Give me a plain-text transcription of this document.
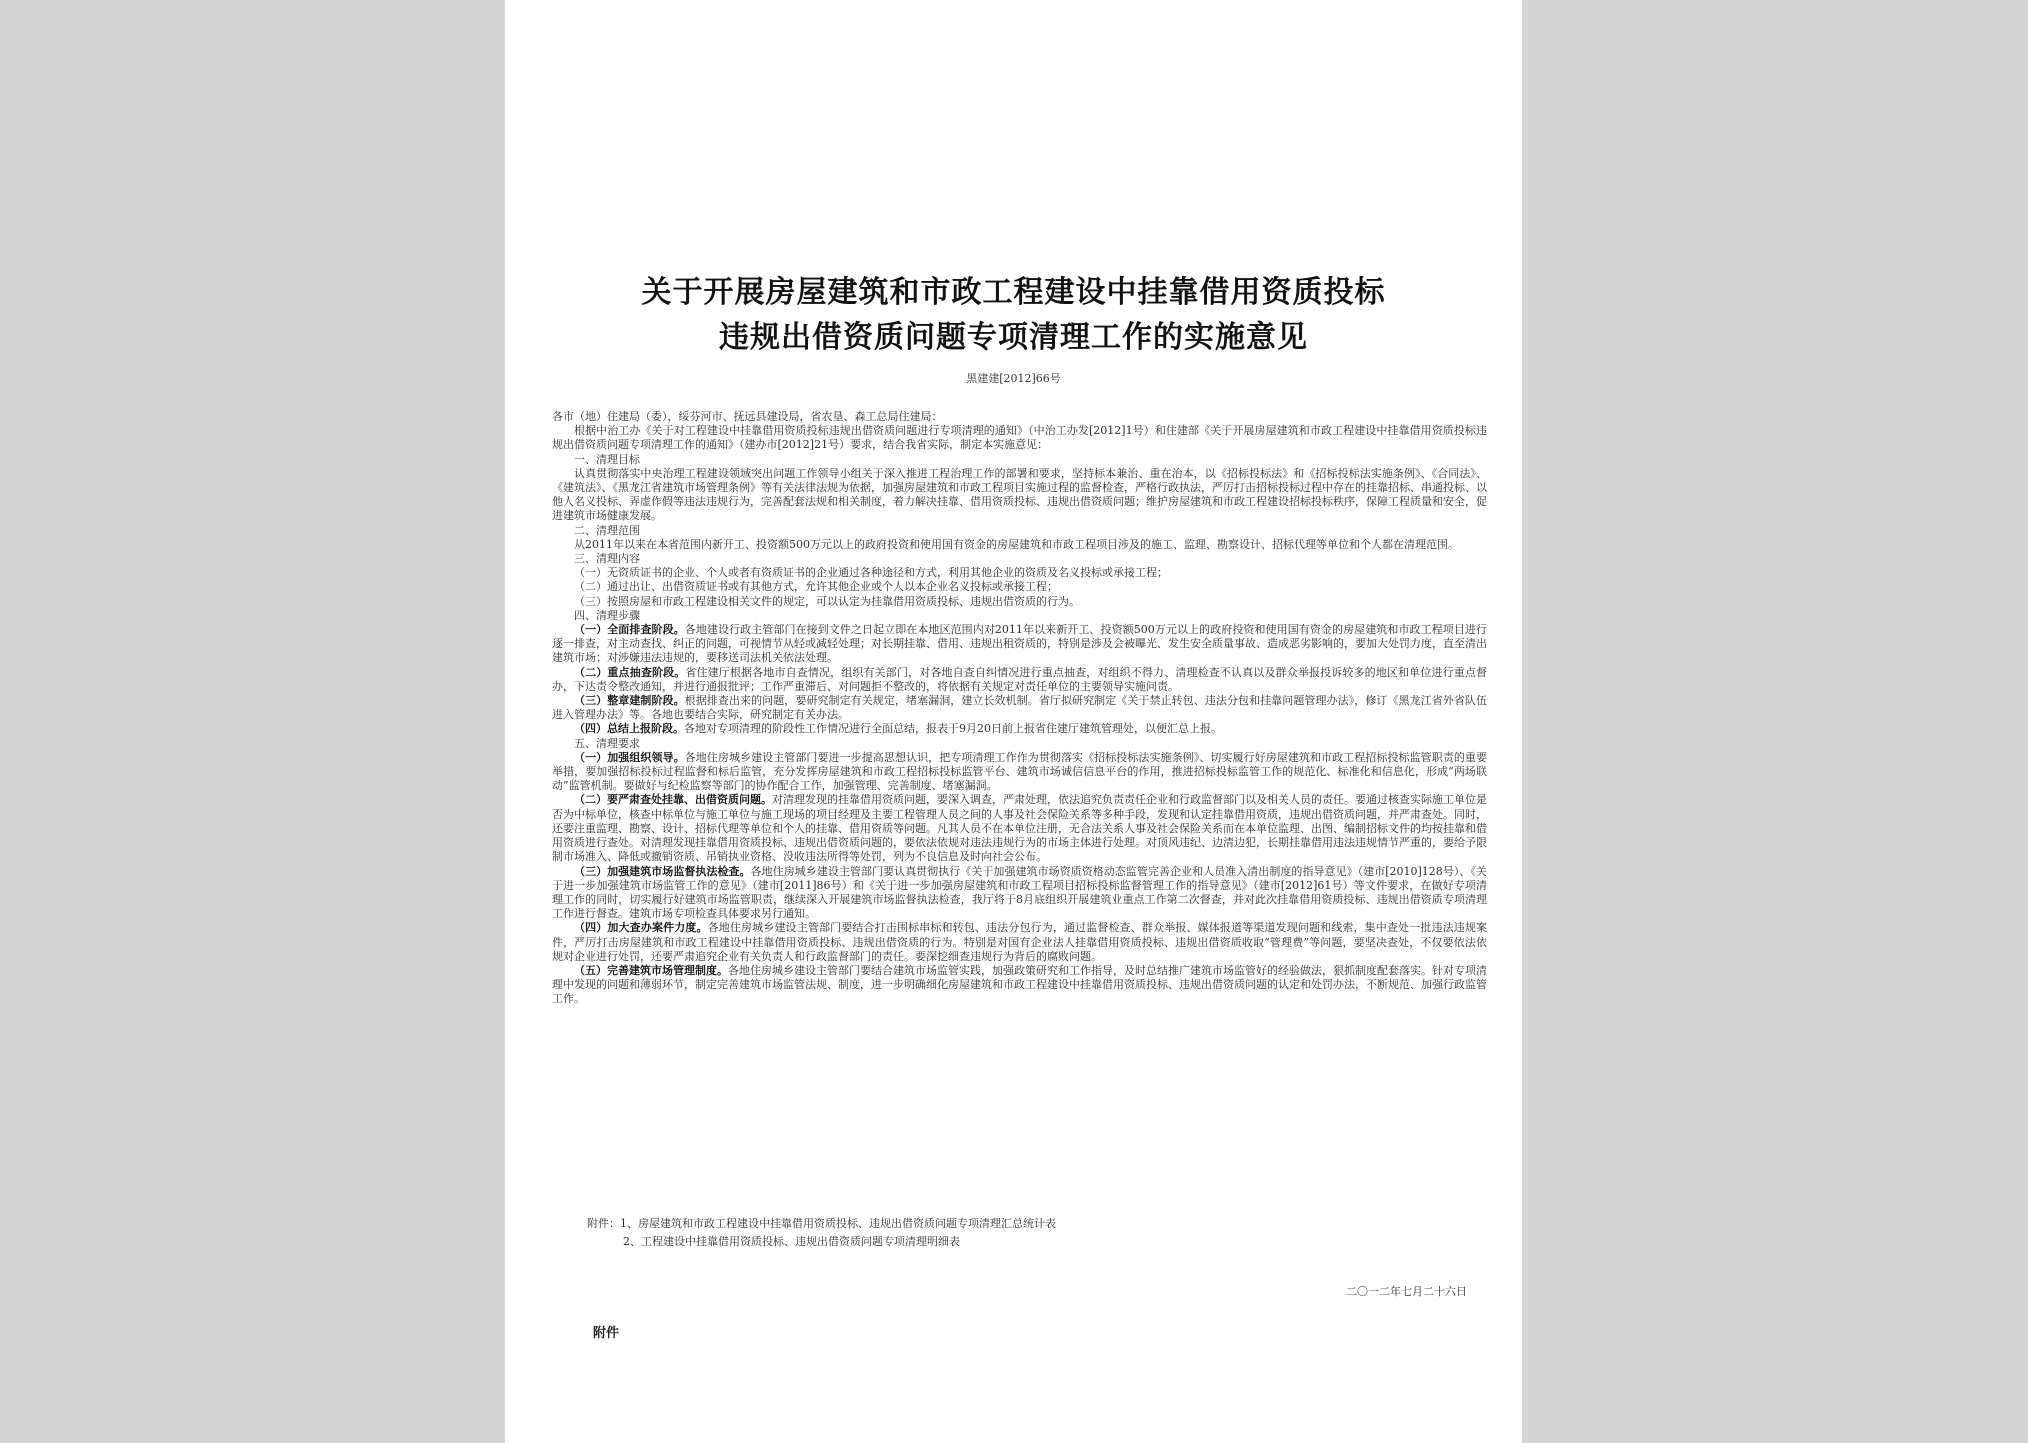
关于开展房屋建筑和市政工程建设中挂靠借用资质投标
违规出借资质问题专项清理工作的实施意见
黑建建[2012]66号

各市（地）住建局（委），绥芬河市、抚远县建设局，省农垦、森工总局住建局：

根据中治工办《关于对工程建设中挂靠借用资质投标违规出借资质问题进行专项清理的通知》（中治工办发[2012]1号）和住建部《关于开展房屋建筑和市政工程建设中挂靠借用资质投标违规出借资质问题专项清理工作的通知》（建办市[2012]21号）要求，结合我省实际，制定本实施意见：

一、清理目标

认真贯彻落实中央治理工程建设领域突出问题工作领导小组关于深入推进工程治理工作的部署和要求，坚持标本兼治、重在治本，以《招标投标法》和《招标投标法实施条例》、《合同法》、《建筑法》、《黑龙江省建筑市场管理条例》等有关法律法规为依据，加强房屋建筑和市政工程项目实施过程的监督检查，严格行政执法，严厉打击招标投标过程中存在的挂靠招标、串通投标、以他人名义投标、弄虚作假等违法违规行为，完善配套法规和相关制度，着力解决挂靠、借用资质投标、违规出借资质问题；维护房屋建筑和市政工程建设招标投标秩序，保障工程质量和安全，促进建筑市场健康发展。

二、清理范围

从2011年以来在本省范围内新开工、投资额500万元以上的政府投资和使用国有资金的房屋建筑和市政工程项目涉及的施工、监理、勘察设计、招标代理等单位和个人都在清理范围。

三、清理内容

（一）无资质证书的企业、个人或者有资质证书的企业通过各种途径和方式，利用其他企业的资质及名义投标或承接工程；

（二）通过出让、出借资质证书或有其他方式，允许其他企业或个人以本企业名义投标或承接工程；

（三）按照房屋和市政工程建设相关文件的规定，可以认定为挂靠借用资质投标、违规出借资质的行为。

四、清理步骤

（一）全面排查阶段。各地建设行政主管部门在接到文件之日起立即在本地区范围内对2011年以来新开工、投资额500万元以上的政府投资和使用国有资金的房屋建筑和市政工程项目进行逐一排查，对主动查找、纠正的问题，可视情节从轻或减轻处理；对长期挂靠、借用、违规出租资质的，特别是涉及会被曝光、发生安全质量事故、造成恶劣影响的，要加大处罚力度，直至清出建筑市场；对涉嫌违法违规的，要移送司法机关依法处理。

（二）重点抽查阶段。省住建厅根据各地市自查情况，组织有关部门，对各地自查自纠情况进行重点抽查，对组织不得力、清理检查不认真以及群众举报投诉较多的地区和单位进行重点督办，下达责令整改通知，并进行通报批评；工作严重滞后、对问题拒不整改的，将依据有关规定对责任单位的主要领导实施问责。

（三）整章建制阶段。根据排查出来的问题，要研究制定有关规定，堵塞漏洞，建立长效机制。省厅拟研究制定《关于禁止转包、违法分包和挂靠问题管理办法》，修订《黑龙江省外省队伍进入管理办法》等。各地也要结合实际，研究制定有关办法。

（四）总结上报阶段。各地对专项清理的阶段性工作情况进行全面总结，报表于9月20日前上报省住建厅建筑管理处，以便汇总上报。

五、清理要求

（一）加强组织领导。各地住房城乡建设主管部门要进一步提高思想认识，把专项清理工作作为贯彻落实《招标投标法实施条例》、切实履行好房屋建筑和市政工程招标投标监管职责的重要举措，要加强招标投标过程监督和标后监管，充分发挥房屋建筑和市政工程招标投标监管平台、建筑市场诚信信息平台的作用，推进招标投标监管工作的规范化、标准化和信息化，形成“两场联动”监管机制。要做好与纪检监察等部门的协作配合工作，加强管理、完善制度、堵塞漏洞。

（二）要严肃查处挂靠、出借资质问题。对清理发现的挂靠借用资质问题，要深入调查，严肃处理，依法追究负责责任企业和行政监督部门以及相关人员的责任。要通过核查实际施工单位是否为中标单位，核查中标单位与施工单位与施工现场的项目经理及主要工程管理人员之间的人事及社会保险关系等多种手段，发现和认定挂靠借用资质，违规出借资质问题，并严肃查处。同时，还要注重监理、勘察、设计、招标代理等单位和个人的挂靠、借用资质等问题。凡其人员不在本单位注册，无合法关系人事及社会保险关系而在本单位监理、出图、编制招标文件的均按挂靠和借用资质进行查处。对清理发现挂靠借用资质投标、违规出借资质问题的，要依法依规对违法违规行为的市场主体进行处理。对顶风违纪、边清边犯，长期挂靠借用违法违规情节严重的，要给予限制市场准入、降低或撤销资质、吊销执业资格、没收违法所得等处罚，列为不良信息及时向社会公布。

（三）加强建筑市场监督执法检查。各地住房城乡建设主管部门要认真贯彻执行《关于加强建筑市场资质资格动态监管完善企业和人员准入清出制度的指导意见》（建市[2010]128号）、《关于进一步加强建筑市场监管工作的意见》（建市[2011]86号）和《关于进一步加强房屋建筑和市政工程项目招标投标监督管理工作的指导意见》（建市[2012]61号）等文件要求，在做好专项清理工作的同时，切实履行好建筑市场监管职责，继续深入开展建筑市场监督执法检查，我厅将于8月底组织开展建筑业重点工作第二次督查，并对此次挂靠借用资质投标、违规出借资质专项清理工作进行督查。建筑市场专项检查具体要求另行通知。

（四）加大查办案件力度。各地住房城乡建设主管部门要结合打击围标串标和转包、违法分包行为，通过监督检查、群众举报、媒体报道等渠道发现问题和线索，集中查处一批违法违规案件，严厉打击房屋建筑和市政工程建设中挂靠借用资质投标、违规出借资质的行为。特别是对国有企业法人挂靠借用资质投标、违规出借资质收取“管理费”等问题，要坚决查处，不仅要依法依规对企业进行处罚，还要严肃追究企业有关负责人和行政监督部门的责任。要深挖细查违规行为背后的腐败问题。

（五）完善建筑市场管理制度。各地住房城乡建设主管部门要结合建筑市场监管实践，加强政策研究和工作指导，及时总结推广建筑市场监管好的经验做法，狠抓制度配套落实。针对专项清理中发现的问题和薄弱环节，制定完善建筑市场监管法规、制度，进一步明确细化房屋建筑和市政工程建设中挂靠借用资质投标、违规出借资质问题的认定和处罚办法，不断规范、加强行政监管工作。

附件：1、房屋建筑和市政工程建设中挂靠借用资质投标、违规出借资质问题专项清理汇总统计表

2、工程建设中挂靠借用资质投标、违规出借资质问题专项清理明细表

二〇一二年七月二十六日
附件
